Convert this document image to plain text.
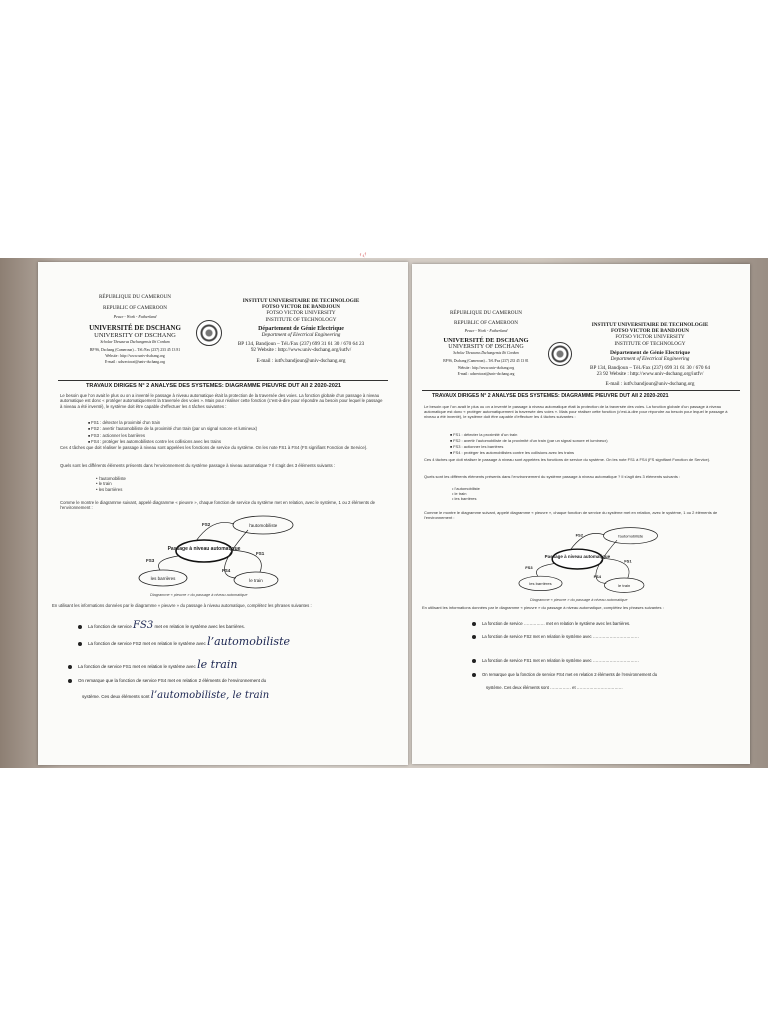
ᶠ‹ᶠ
RÉPUBLIQUE DU CAMEROUN
REPUBLIC OF CAMEROON
Peace - Work - Fatherland
UNIVERSITÉ DE DSCHANG
UNIVERSITY OF DSCHANG
Scholae Thesaurus Dschangensis Ibi Cordum
BP 96, Dschang (Cameroun) – Tél./Fax (237) 233 45 13 81
Website : http://www.univ-dschang.org
E-mail : udsrectorat@univ-dschang.org
INSTITUT UNIVERSITAIRE DE TECHNOLOGIE
FOTSO VICTOR DE BANDJOUN
FOTSO VICTOR UNIVERSITY
INSTITUTE OF TECHNOLOGY
Département de Génie Electrique
Department of Electrical Engineering
BP 134, Bandjoun – Tél./Fax (237) 699 31 61 30 / 670 64 23 92 Website : http://www.univ-dschang.org/iutfv/
E-mail : iutfv.bandjoun@univ-dschang.org
TRAVAUX DIRIGES N° 2 ANALYSE DES SYSTEMES: DIAGRAMME PIEUVRE DUT AII 2 2020-2021
Le besoin que l’on avait le plus ou on a inventé le passage à niveau automatique était la protection de la traversée des voies. La fonction globale d’un passage à niveau automatique est donc « protéger automatiquement la traversée des voies ». Mais pour réaliser cette fonction (c’est-à-dire pour répondre au besoin pour lequel le passage à niveau a été inventé), le système doit être capable d’effectuer les 4 tâches suivantes :
■ FS1 : détecter la proximité d’un train
■ FS2 : avertir l’automobiliste de la proximité d’un train (par un signal sonore et lumineux)
■ FS3 : actionner les barrières
■ FS4 : protéger les automobilistes contre les collisions avec les trains
Ces 4 tâches que doit réaliser le passage à niveau sont appelées les fonctions de service du système. On les note FS1 à FS4 (FS signifiant Fonction de Service).
Quels sont les différents éléments présents dans l’environnement du système passage à niveau automatique ? Il s’agit des 3 éléments suivants :
• l’automobiliste
• le train
• les barrières
Comme le montre le diagramme suivant, appelé diagramme « pieuvre », chaque fonction de service du système met en relation, avec le système, 1 ou 2 éléments de l’environnement :
l’automobiliste
les barrières	le train
Passage à niveau automatique
FS2
FS1
FS3
FS4
Diagramme « pieuvre » du passage à niveau automatique
En utilisant les informations données par le diagramme « pieuvre » du passage à niveau automatique, complétez les phrases suivantes :
La fonction de service FS3 met en relation le système avec les barrières.
La fonction de service FS2 met en relation le système avec l’automobiliste
La fonction de service FS1 met en relation le système avec le train
On remarque que la fonction de service FS4 met en relation 2 éléments de l’environnement du
système. Ces deux éléments sont l’automobiliste, le train
RÉPUBLIQUE DU CAMEROUN
REPUBLIC OF CAMEROON
Peace - Work - Fatherland
UNIVERSITÉ DE DSCHANG
UNIVERSITY OF DSCHANG
Scholae Thesaurus Dschangensis Ibi Cordum
BP 96, Dschang (Cameroun) – Tél./Fax (237) 233 45 13 81
Website : http://www.univ-dschang.org
E-mail : udsrectorat@univ-dschang.org
INSTITUT UNIVERSITAIRE DE TECHNOLOGIE
FOTSO VICTOR DE BANDJOUN
FOTSO VICTOR UNIVERSITY
INSTITUTE OF TECHNOLOGY
Département de Génie Electrique
Department of Electrical Engineering
BP 134, Bandjoun – Tél./Fax (237) 699 31 61 30 / 670 64 23 92 Website : http://www.univ-dschang.org/iutfv/
E-mail : iutfv.bandjoun@univ-dschang.org
TRAVAUX DIRIGES N° 2 ANALYSE DES SYSTEMES: DIAGRAMME PIEUVRE DUT AII 2 2020-2021
Le besoin que l’on avait le plus ou on a inventé le passage à niveau automatique était la protection de la traversée des voies. La fonction globale d’un passage à niveau automatique est donc « protéger automatiquement la traversée des voies ». Mais pour réaliser cette fonction (c’est-à-dire pour répondre au besoin pour lequel le passage à niveau a été inventé), le système doit être capable d’effectuer les 4 tâches suivantes :
■ FS1 : détecter la proximité d’un train
■ FS2 : avertir l’automobiliste de la proximité d’un train (par un signal sonore et lumineux)
■ FS3 : actionner les barrières
■ FS4 : protéger les automobilistes contre les collisions avec les trains
Ces 4 tâches que doit réaliser le passage à niveau sont appelées les fonctions de service du système. On les note FS1 à FS4 (FS signifiant Fonction de Service).
Quels sont les différents éléments présents dans l’environnement du système passage à niveau automatique ? Il s’agit des 3 éléments suivants :
• l’automobiliste
• le train
• les barrières
Comme le montre le diagramme suivant, appelé diagramme « pieuvre », chaque fonction de service du système met en relation, avec le système, 1 ou 2 éléments de l’environnement :
l’automobiliste
les barrières	le train
Passage à niveau automatique
FS2
FS1
FS3
FS4
Diagramme « pieuvre » du passage à niveau automatique
En utilisant les informations données par le diagramme « pieuvre » du passage à niveau automatique, complétez les phrases suivantes :
La fonction de service …………… met en relation le système avec les barrières.
La fonction de service FS2 met en relation le système avec ……………………………
La fonction de service FS1 met en relation le système avec ……………………………
On remarque que la fonction de service FS4 met en relation 2 éléments de l’environnement du
système. Ces deux éléments sont …………… et ……………………………
